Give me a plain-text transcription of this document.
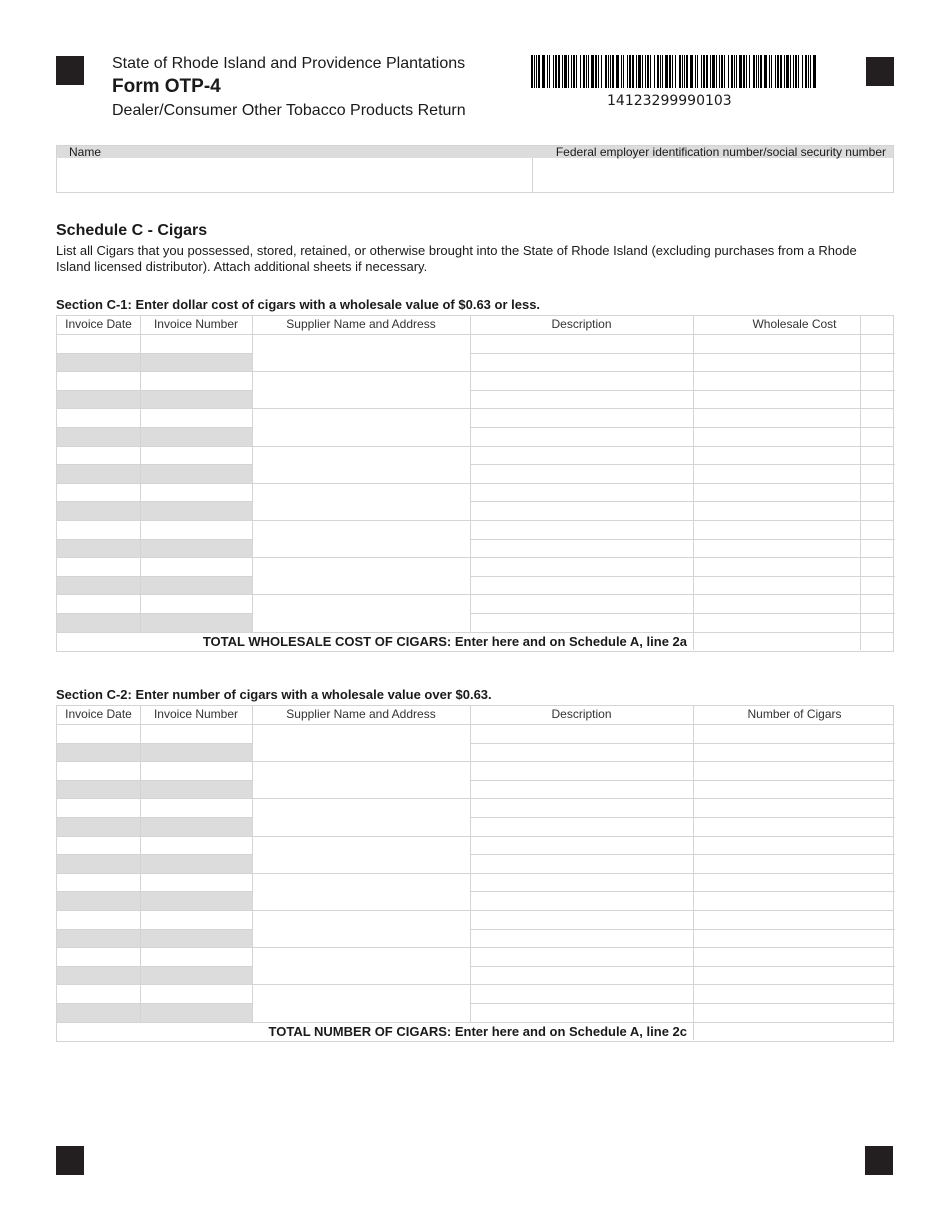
State of Rhode Island and Providence Plantations
Form OTP-4
Dealer/Consumer Other Tobacco Products Return
14123299990103
Name	Federal employer identification number/social security number
Schedule C - Cigars
List all Cigars that you possessed, stored, retained, or otherwise brought into the State of Rhode Island (excluding purchases from a Rhode Island licensed distributor). Attach additional sheets if necessary.
Section C-1: Enter dollar cost of cigars with a wholesale value of $0.63 or less.
Invoice Date	Invoice Number	Supplier Name and Address	Description	Wholesale Cost
TOTAL WHOLESALE COST OF CIGARS: Enter here and on Schedule A, line 2a
Section C-2: Enter number of cigars with a wholesale value over $0.63.
Invoice Date	Invoice Number	Supplier Name and Address	Description	Number of Cigars
TOTAL NUMBER OF CIGARS: Enter here and on Schedule A, line 2c
